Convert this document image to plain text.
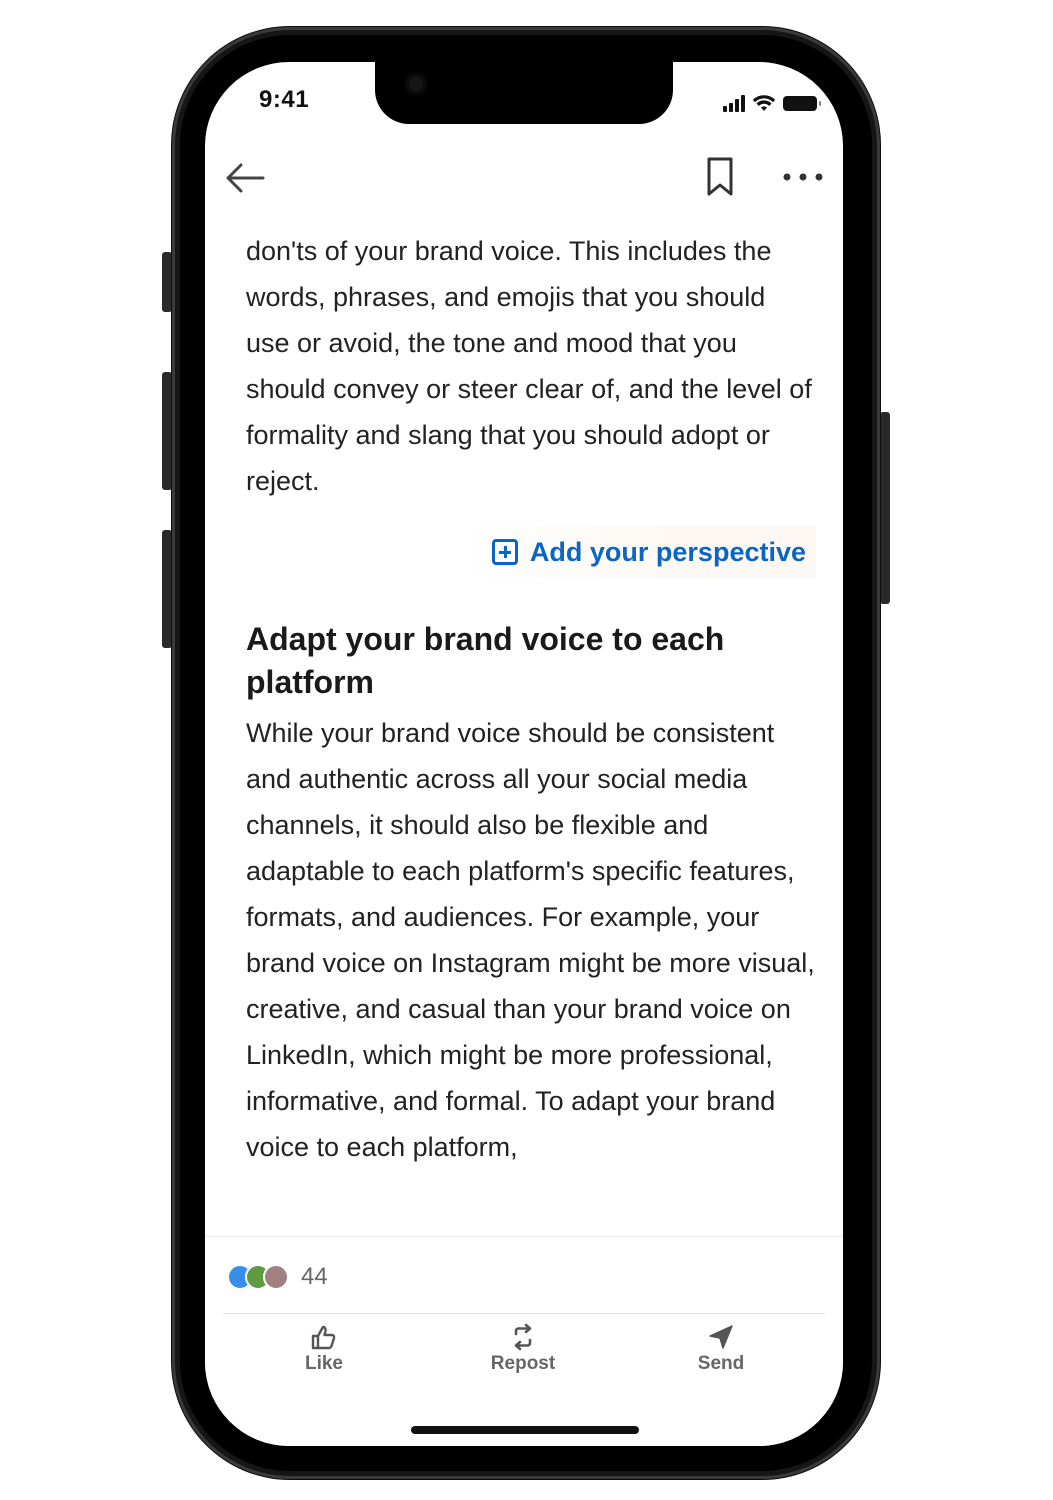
9:41

don'ts of your brand voice. This includes the words, phrases, and emojis that you should use or avoid, the tone and mood that you should convey or steer clear of, and the level of formality and slang that you should adopt or reject.

Add your perspective
Adapt your brand voice to each platform

While your brand voice should be consistent and authentic across all your social media channels, it should also be flexible and adaptable to each platform's specific features, formats, and audiences. For example, your brand voice on Instagram might be more visual, creative, and casual than your brand voice on LinkedIn, which might be more professional, informative, and formal. To adapt your brand voice to each platform,

44
Like	Repost	Send
